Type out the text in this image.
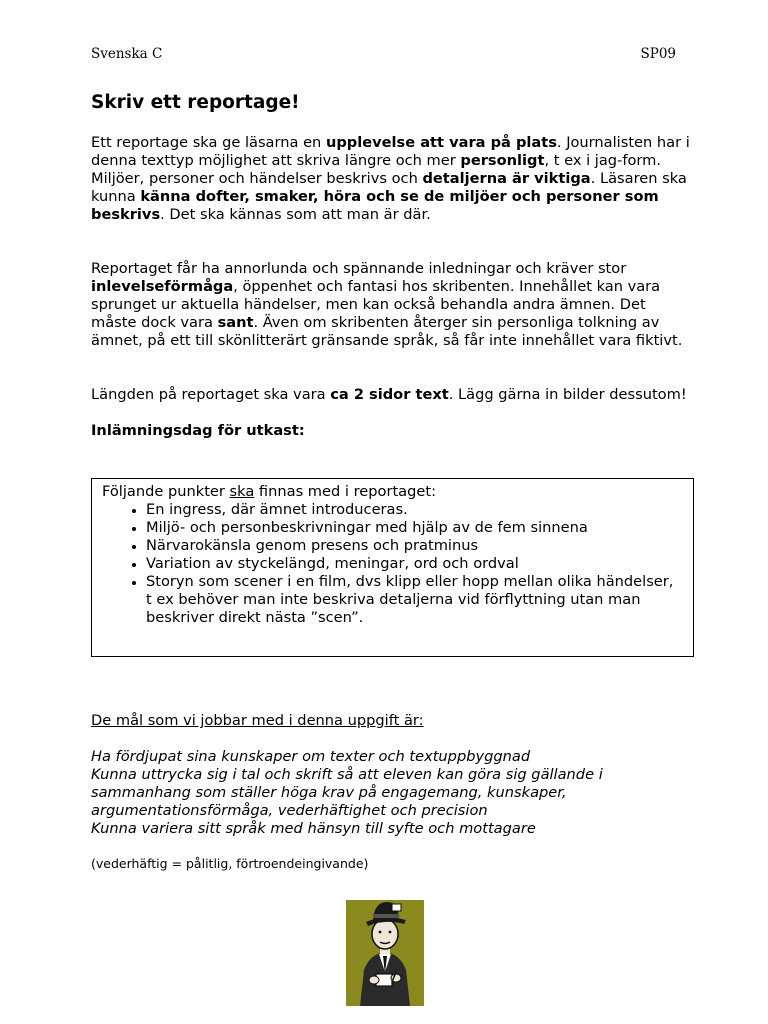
Svenska C	SP09
Skriv ett reportage!
Ett reportage ska ge läsarna en upplevelse att vara på plats. Journalisten har i denna texttyp möjlighet att skriva längre och mer personligt, t ex i jag-form. Miljöer, personer och händelser beskrivs och detaljerna är viktiga. Läsaren ska kunna känna dofter, smaker, höra och se de miljöer och personer som beskrivs. Det ska kännas som att man är där.
Reportaget får ha annorlunda och spännande inledningar och kräver stor inlevelseförmåga, öppenhet och fantasi hos skribenten. Innehållet kan vara sprunget ur aktuella händelser, men kan också behandla andra ämnen. Det måste dock vara sant. Även om skribenten återger sin personliga tolkning av ämnet, på ett till skönlitterärt gränsande språk, så får inte innehållet vara fiktivt.
Längden på reportaget ska vara ca 2 sidor text. Lägg gärna in bilder dessutom!
Inlämningsdag för utkast:
Följande punkter ska finnas med i reportaget:
• En ingress, där ämnet introduceras.
• Miljö- och personbeskrivningar med hjälp av de fem sinnena
• Närvarokänsla genom presens och pratminus
• Variation av styckelängd, meningar, ord och ordval
• Storyn som scener i en film, dvs klipp eller hopp mellan olika händelser,
t ex behöver man inte beskriva detaljerna vid förflyttning utan man beskriver direkt nästa ”scen”.
De mål som vi jobbar med i denna uppgift är:
Ha fördjupat sina kunskaper om texter och textuppbyggnad
Kunna uttrycka sig i tal och skrift så att eleven kan göra sig gällande i sammanhang som ställer höga krav på engagemang, kunskaper, argumentationsförmåga, vederhäftighet och precision
Kunna variera sitt språk med hänsyn till syfte och mottagare
(vederhäftig = pålitlig, förtroendeingivande)
